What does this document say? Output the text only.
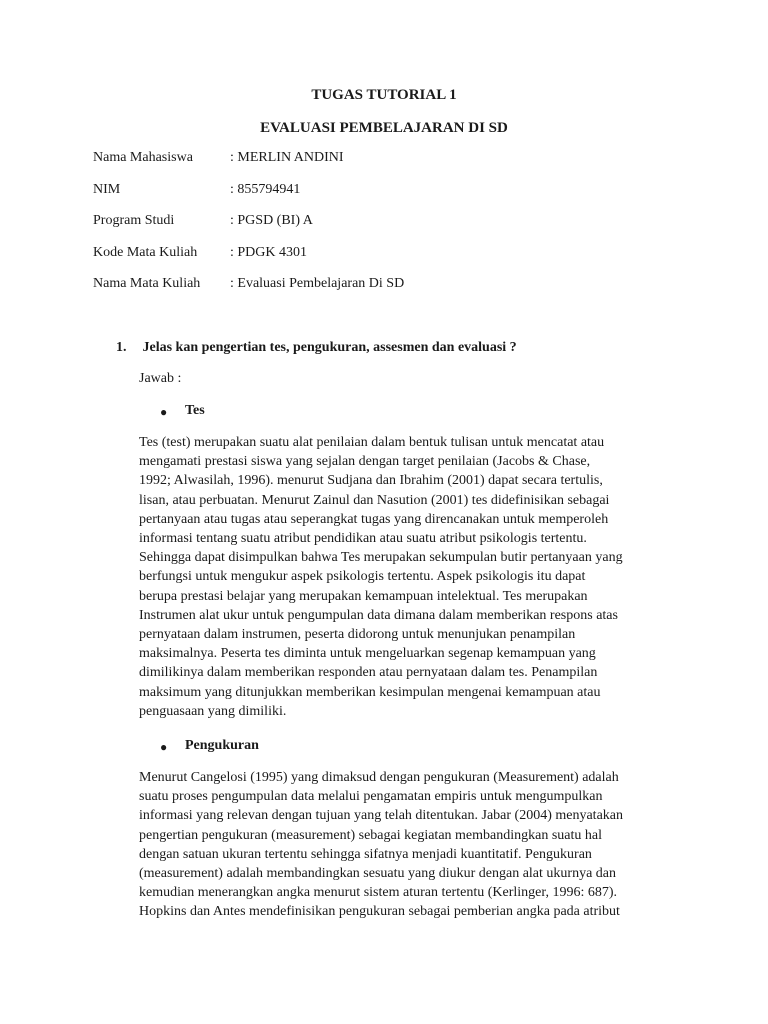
TUGAS TUTORIAL 1
EVALUASI PEMBELAJARAN DI SD
Nama Mahasiswa	: MERLIN ANDINI
NIM	: 855794941
Program Studi	: PGSD (BI) A
Kode Mata Kuliah	: PDGK 4301
Nama Mata Kuliah	: Evaluasi Pembelajaran Di SD
1. Jelas kan pengertian tes, pengukuran, assesmen dan evaluasi ?
Jawab :
●	Tes
Tes (test) merupakan suatu alat penilaian dalam bentuk tulisan untuk mencatat atau
mengamati prestasi siswa yang sejalan dengan target penilaian (Jacobs & Chase,
1992; Alwasilah, 1996). menurut Sudjana dan Ibrahim (2001) dapat secara tertulis,
lisan, atau perbuatan. Menurut Zainul dan Nasution (2001) tes didefinisikan sebagai
pertanyaan atau tugas atau seperangkat tugas yang direncanakan untuk memperoleh
informasi tentang suatu atribut pendidikan atau suatu atribut psikologis tertentu.
Sehingga dapat disimpulkan bahwa Tes merupakan sekumpulan butir pertanyaan yang
berfungsi untuk mengukur aspek psikologis tertentu. Aspek psikologis itu dapat
berupa prestasi belajar yang merupakan kemampuan intelektual. Tes merupakan
Instrumen alat ukur untuk pengumpulan data dimana dalam memberikan respons atas
pernyataan dalam instrumen, peserta didorong untuk menunjukan penampilan
maksimalnya. Peserta tes diminta untuk mengeluarkan segenap kemampuan yang
dimilikinya dalam memberikan responden atau pernyataan dalam tes. Penampilan
maksimum yang ditunjukkan memberikan kesimpulan mengenai kemampuan atau
penguasaan yang dimiliki.
●	Pengukuran
Menurut Cangelosi (1995) yang dimaksud dengan pengukuran (Measurement) adalah
suatu proses pengumpulan data melalui pengamatan empiris untuk mengumpulkan
informasi yang relevan dengan tujuan yang telah ditentukan. Jabar (2004) menyatakan
pengertian pengukuran (measurement) sebagai kegiatan membandingkan suatu hal
dengan satuan ukuran tertentu sehingga sifatnya menjadi kuantitatif. Pengukuran
(measurement) adalah membandingkan sesuatu yang diukur dengan alat ukurnya dan
kemudian menerangkan angka menurut sistem aturan tertentu (Kerlinger, 1996: 687).
Hopkins dan Antes mendefinisikan pengukuran sebagai pemberian angka pada atribut
